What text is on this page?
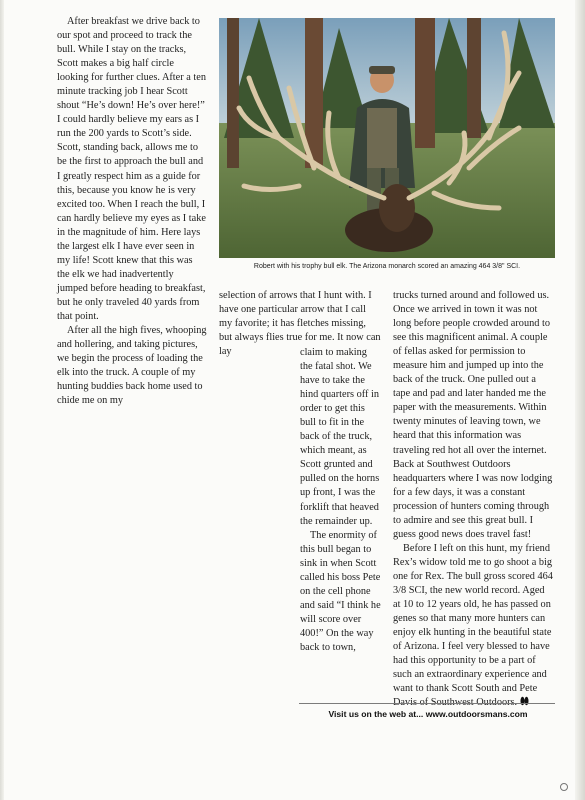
After breakfast we drive back to our spot and proceed to track the bull. While I stay on the tracks, Scott makes a big half circle looking for further clues. After a ten minute tracking job I hear Scott shout “He’s down! He’s over here!” I could hardly believe my ears as I run the 200 yards to Scott’s side. Scott, standing back, allows me to be the first to approach the bull and I greatly respect him as a guide for this, because you know he is very excited too. When I reach the bull, I can hardly believe my eyes as I take in the magnitude of him. Here lays the largest elk I have ever seen in my life! Scott knew that this was the elk we had inadvertently jumped before heading to breakfast, but he only traveled 40 yards from that point.

After all the high fives, whooping and hollering, and taking pictures, we begin the process of loading the elk into the truck. A couple of my hunting buddies back home used to chide me on my

Robert with his trophy bull elk. The Arizona monarch scored an amazing 464 3/8" SCI.

selection of arrows that I hunt with. I have one particular arrow that I call my favorite; it has fletches missing, but always flies true for me. It now can lay	claim to making the fatal shot. We have to take the hind quarters off in order to get this bull to fit in the back of the truck, which meant, as Scott grunted and pulled on the horns up front, I was the forklift that heaved the remainder up.

The enormity of this bull began to sink in when Scott called his boss Pete on the cell phone and said “I think he will score over 400!” On the way back to town,

trucks turned around and followed us. Once we arrived in town it was not long before people crowded around to see this magnificent animal. A couple of fellas asked for permission to measure him and jumped up into the back of the truck. One pulled out a tape and pad and later handed me the paper with the measurements. Within twenty minutes of leaving town, we heard that this information was traveling red hot all over the internet. Back at Southwest Outdoors headquarters where I was now lodging for a few days, it was a constant procession of hunters coming through to admire and see this great bull. I guess good news does travel fast!

Before I left on this hunt, my friend Rex’s widow told me to go shoot a big one for Rex. The bull gross scored 464 3/8 SCI, the new world record. Aged at 10 to 12 years old, he has passed on genes so that many more hunters can enjoy elk hunting in the beautiful state of Arizona. I feel very blessed to have had this opportunity to be a part of such an extraordinary experience and want to thank Scott South and Pete Davis of Southwest Outdoors.

Visit us on the web at... www.outdoorsmans.com
